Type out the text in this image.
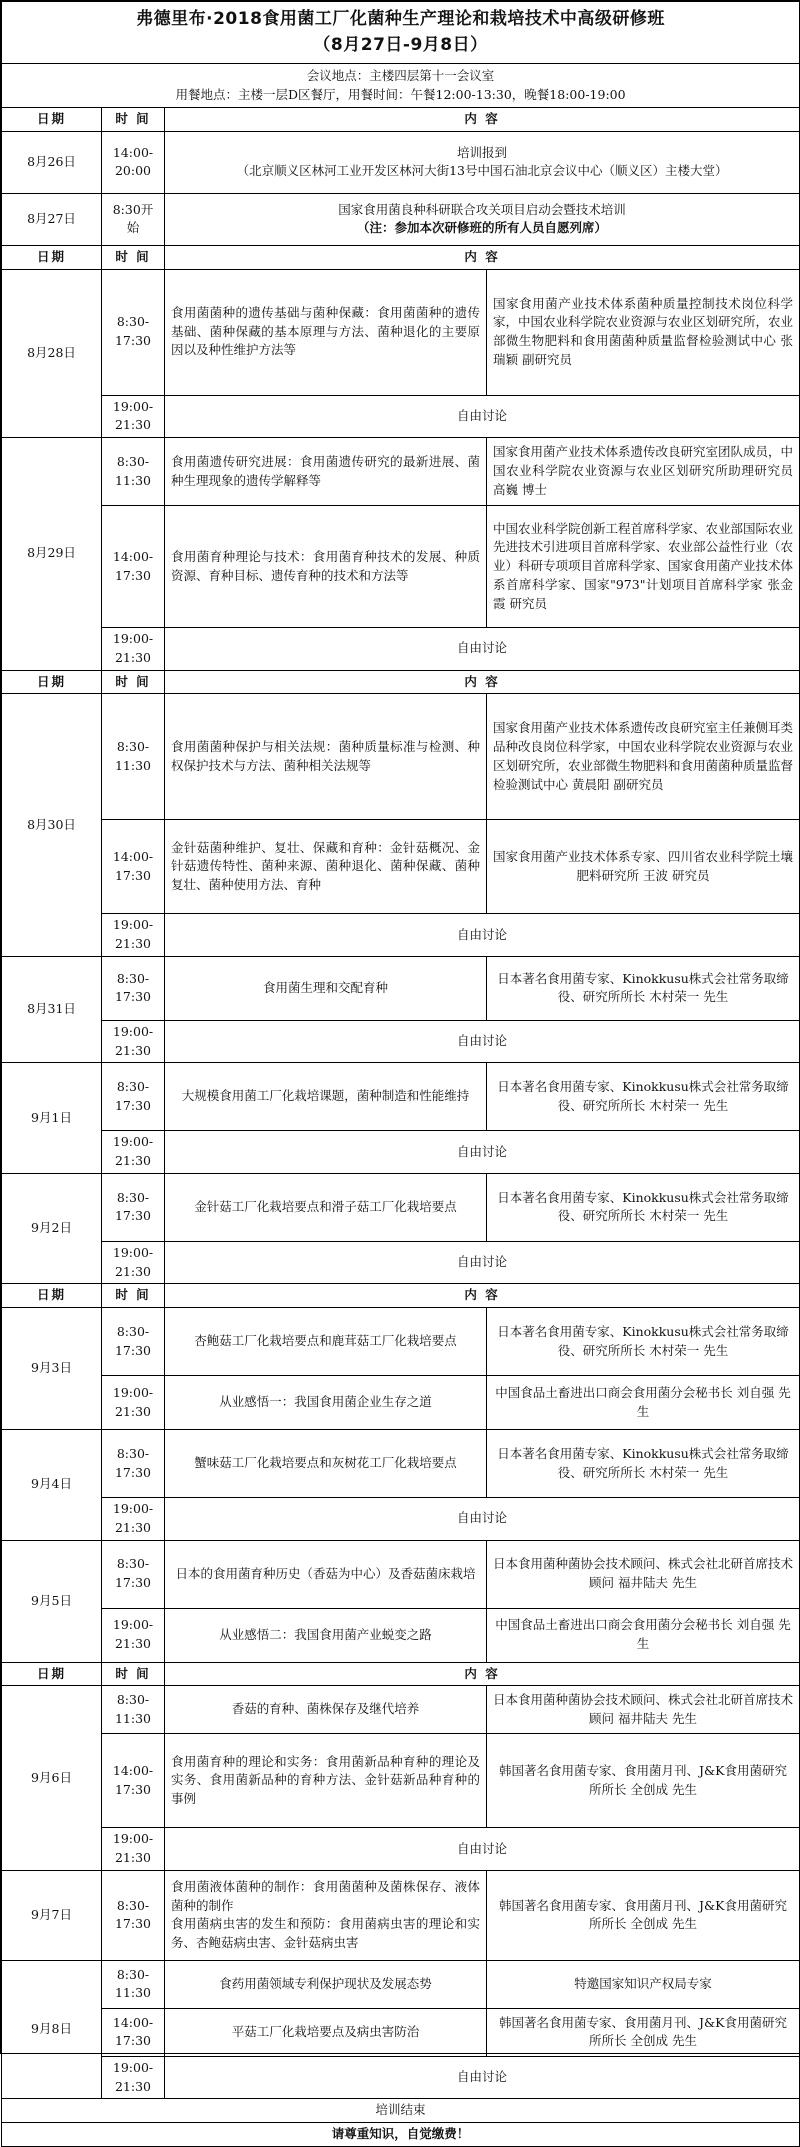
弗德里布·2018食用菌工厂化菌种生产理论和栽培技术中高级研修班
（8月27日-9月8日）			

会议地点：主楼四层第十一会议室
用餐地点：主楼一层D区餐厅，用餐时间：午餐12:00-13:30，晚餐18:00-19:00			

日期	时 间	内 容	
8月26日	14:00-20:00	培训报到
（北京顺义区林河工业开发区林河大街13号中国石油北京会议中心（顺义区）主楼大堂）	

8月27日	8:30开始	国家食用菌良种科研联合攻关项目启动会暨技术培训
（注：参加本次研修班的所有人员自愿列席）	

日期	时 间	内 容	
8月28日	8:30-17:30	食用菌菌种的遗传基础与菌种保藏：食用菌菌种的遗传基础、菌种保藏的基本原理与方法、菌种退化的主要原因以及种性维护方法等	国家食用菌产业技术体系菌种质量控制技术岗位科学家，中国农业科学院农业资源与农业区划研究所，农业部微生物肥料和食用菌菌种质量监督检验测试中心 张瑞颖 副研究员
	19:00-21:30	自由讨论	
8月29日	8:30-11:30	食用菌遗传研究进展：食用菌遗传研究的最新进展、菌种生理现象的遗传学解释等	国家食用菌产业技术体系遗传改良研究室团队成员，中国农业科学院农业资源与农业区划研究所助理研究员 高巍 博士
	14:00-17:30	食用菌育种理论与技术：食用菌育种技术的发展、种质资源、育种目标、遗传育种的技术和方法等	中国农业科学院创新工程首席科学家、农业部国际农业先进技术引进项目首席科学家、农业部公益性行业（农业）科研专项项目首席科学家、国家食用菌产业技术体系首席科学家、国家"973"计划项目首席科学家 张金霞 研究员
	19:00-21:30	自由讨论	
日期	时 间	内 容	
8月30日	8:30-11:30	食用菌菌种保护与相关法规：菌种质量标准与检测、种权保护技术与方法、菌种相关法规等	国家食用菌产业技术体系遗传改良研究室主任兼侧耳类品种改良岗位科学家，中国农业科学院农业资源与农业区划研究所，农业部微生物肥料和食用菌菌种质量监督检验测试中心 黄晨阳 副研究员
	14:00-17:30	金针菇菌种维护、复壮、保藏和育种：金针菇概况、金针菇遗传特性、菌种来源、菌种退化、菌种保藏、菌种复壮、菌种使用方法、育种	国家食用菌产业技术体系专家、四川省农业科学院土壤肥料研究所 王波 研究员
	19:00-21:30	自由讨论	
8月31日	8:30-17:30	食用菌生理和交配育种	日本著名食用菌专家、Kinokkusu株式会社常务取缔役、研究所所长 木村荣一 先生
	19:00-21:30	自由讨论	
9月1日	8:30-17:30	大规模食用菌工厂化栽培课题，菌种制造和性能维持	日本著名食用菌专家、Kinokkusu株式会社常务取缔役、研究所所长 木村荣一 先生
	19:00-21:30	自由讨论	
9月2日	8:30-17:30	金针菇工厂化栽培要点和滑子菇工厂化栽培要点	日本著名食用菌专家、Kinokkusu株式会社常务取缔役、研究所所长 木村荣一 先生
	19:00-21:30	自由讨论	
日期	时 间	内 容	
9月3日	8:30-17:30	杏鲍菇工厂化栽培要点和鹿茸菇工厂化栽培要点	日本著名食用菌专家、Kinokkusu株式会社常务取缔役、研究所所长 木村荣一 先生
	19:00-21:30	从业感悟一：我国食用菌企业生存之道	中国食品土畜进出口商会食用菌分会秘书长 刘自强 先生
9月4日	8:30-17:30	蟹味菇工厂化栽培要点和灰树花工厂化栽培要点	日本著名食用菌专家、Kinokkusu株式会社常务取缔役、研究所所长 木村荣一 先生
	19:00-21:30	自由讨论	
9月5日	8:30-17:30	日本的食用菌育种历史（香菇为中心）及香菇菌床栽培	日本食用菌种菌协会技术顾问、株式会社北研首席技术顾问 福井陆夫 先生
	19:00-21:30	从业感悟二：我国食用菌产业蜕变之路	中国食品土畜进出口商会食用菌分会秘书长 刘自强 先生
日期	时 间	内 容	
9月6日	8:30-11:30	香菇的育种、菌株保存及继代培养	日本食用菌种菌协会技术顾问、株式会社北研首席技术顾问 福井陆夫 先生
	14:00-17:30	食用菌育种的理论和实务：食用菌新品种育种的理论及实务、食用菌新品种的育种方法、金针菇新品种育种的事例	韩国著名食用菌专家、食用菌月刊、J&K食用菌研究所所长 全创成 先生
	19:00-21:30	自由讨论	
9月7日	8:30-17:30	食用菌液体菌种的制作：食用菌菌种及菌株保存、液体菌种的制作
食用菌病虫害的发生和预防：食用菌病虫害的理论和实务、杏鲍菇病虫害、金针菇病虫害	韩国著名食用菌专家、食用菌月刊、J&K食用菌研究所所长 全创成 先生
9月8日	8:30-11:30	食药用菌领域专利保护现状及发展态势	特邀国家知识产权局专家
	14:00-17:30	平菇工厂化栽培要点及病虫害防治	韩国著名食用菌专家、食用菌月刊、J&K食用菌研究所所长 全创成 先生
	19:00-21:30	自由讨论	
培训结束			
请尊重知识，自觉缴费！			
